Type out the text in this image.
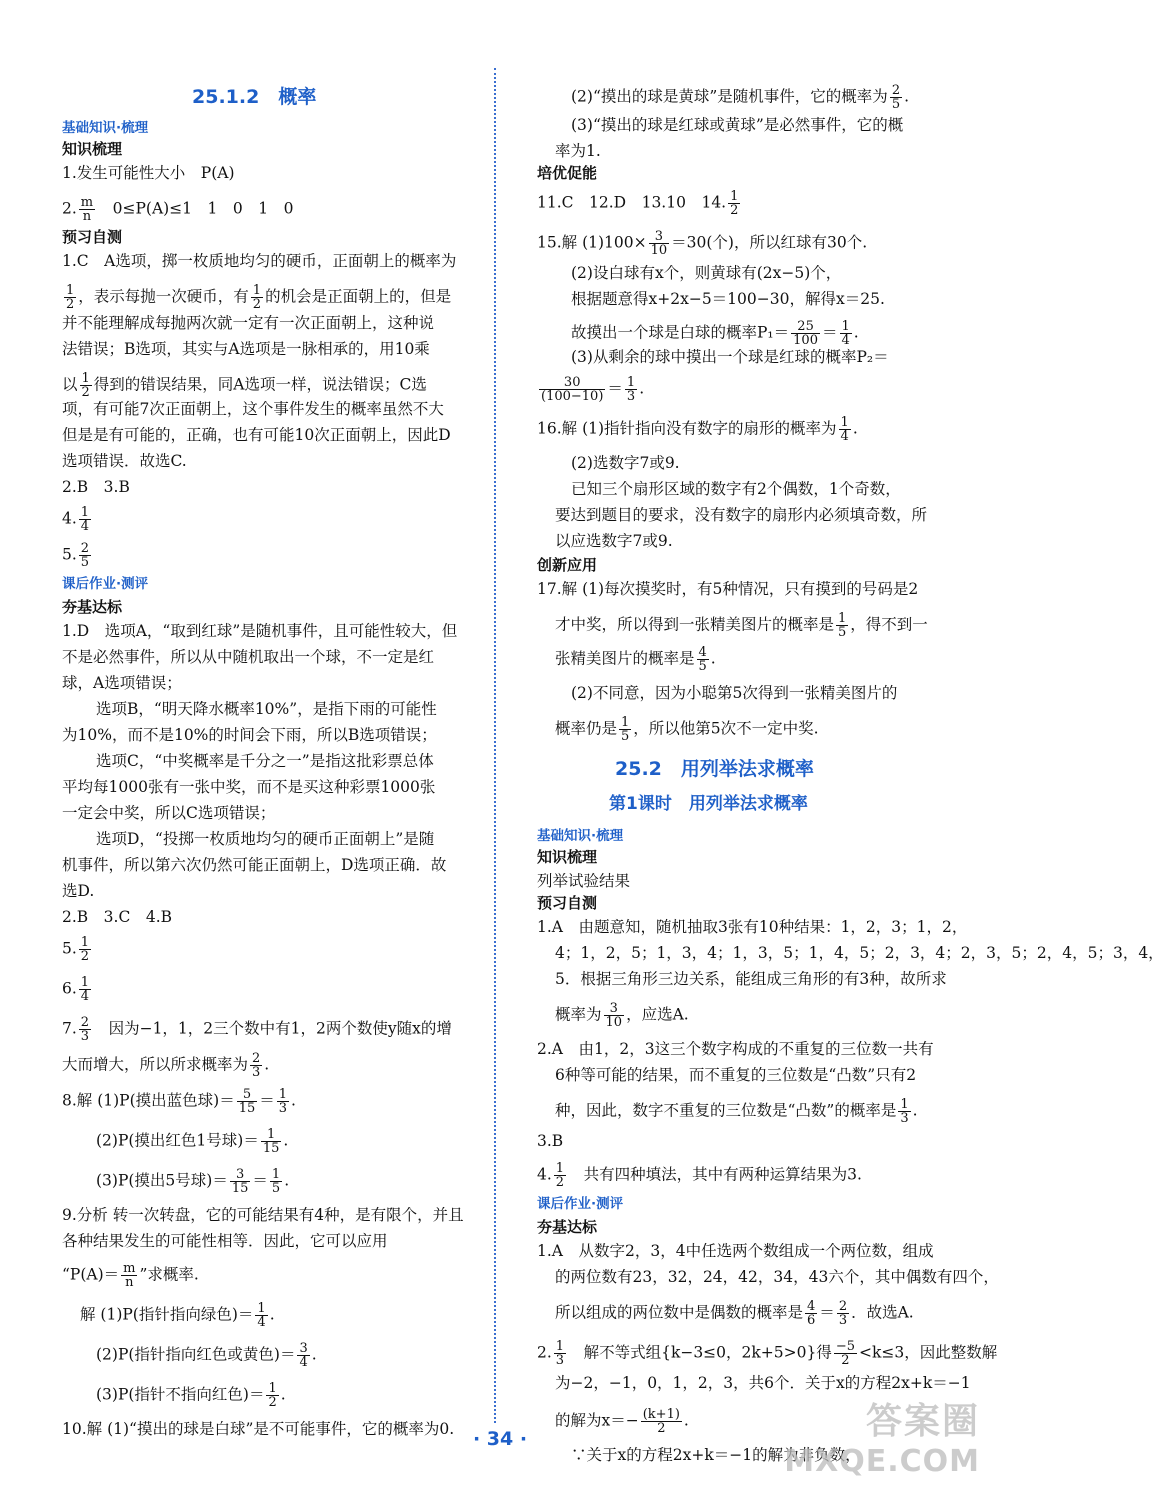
25.1.2　概率
基础知识·梳理
知识梳理
1.发生可能性大小　P(A)
2. $\frac{m}{n}$ 　0≤P(A)≤1　1　0　1　0
预习自测
1.C　A选项，掷一枚质地均匀的硬币，正面朝上的概率为
$\frac{1}{2}$ ，表示每抛一次硬币，有 $\frac{1}{2}$ 的机会是正面朝上的，但是
并不能理解成每抛两次就一定有一次正面朝上，这种说
法错误；B选项，其实与A选项是一脉相承的，用10乘
以 $\frac{1}{2}$ 得到的错误结果，同A选项一样，说法错误；C选
项，有可能7次正面朝上，这个事件发生的概率虽然不大
但是是有可能的，正确，也有可能10次正面朝上，因此D
选项错误．故选C.
2.B　3.B
4. $\frac{1}{4}$
5. $\frac{2}{5}$
课后作业·测评
夯基达标
1.D　选项A，“取到红球”是随机事件，且可能性较大，但
不是必然事件，所以从中随机取出一个球，不一定是红
球，A选项错误；
选项B，“明天降水概率10%”，是指下雨的可能性
为10%，而不是10%的时间会下雨，所以B选项错误；
选项C，“中奖概率是千分之一”是指这批彩票总体
平均每1000张有一张中奖，而不是买这种彩票1000张
一定会中奖，所以C选项错误；
选项D，“投掷一枚质地均匀的硬币正面朝上”是随
机事件，所以第六次仍然可能正面朝上，D选项正确．故
选D.
2.B　3.C　4.B
5. $\frac{1}{2}$
6. $\frac{1}{4}$
7. $\frac{2}{3}$ 　因为−1，1，2三个数中有1，2两个数使y随x的增
大而增大，所以所求概率为 $\frac{2}{3}$ .
8.解 (1)P(摸出蓝色球)＝ $\frac{5}{15} = \frac{1}{3}$ .
(2)P(摸出红色1号球)＝ $\frac{1}{15}$ .
(3)P(摸出5号球)＝ $\frac{3}{15} = \frac{1}{5}$ .
9.分析 转一次转盘，它的可能结果有4种，是有限个，并且
各种结果发生的可能性相等．因此，它可以应用
“$P(A)= \frac{m}{n}$ ”求概率.
解 (1)P(指针指向绿色)＝ $\frac{1}{4}$ .
(2)P(指针指向红色或黄色)＝ $\frac{3}{4}$ .
(3)P(指针不指向红色)＝ $\frac{1}{2}$ .
10.解 (1)“摸出的球是白球”是不可能事件，它的概率为0.
(2)“摸出的球是黄球”是随机事件，它的概率为 $\frac{2}{5}$ .
(3)“摸出的球是红球或黄球”是必然事件，它的概
率为1.
培优促能
11.C　12.D　13.10　14. $\frac{1}{2}$
15.解 $(1)100\times \frac{3}{10} =30$(个)，所以红球有30个.
(2)设白球有x个，则黄球有(2x−5)个，
根据题意得x+2x−5＝100−30，解得x＝25.
故摸出一个球是白球的概率$P_1= \frac{25}{100} = \frac{1}{4}$ .
(3)从剩余的球中摸出一个球是红球的概率P₂＝
$\frac{30}{(100-10)} = \frac{1}{3}$ .
16.解 (1)指针指向没有数字的扇形的概率为 $\frac{1}{4}$ .
(2)选数字7或9.
已知三个扇形区域的数字有2个偶数，1个奇数，
要达到题目的要求，没有数字的扇形内必须填奇数，所
以应选数字7或9.
创新应用
17.解 (1)每次摸奖时，有5种情况，只有摸到的号码是2
才中奖，所以得到一张精美图片的概率是 $\frac{1}{5}$ ，得不到一
张精美图片的概率是 $\frac{4}{5}$ .
(2)不同意，因为小聪第5次得到一张精美图片的
概率仍是 $\frac{1}{5}$ ，所以他第5次不一定中奖.
25.2　用列举法求概率
第1课时　用列举法求概率
基础知识·梳理
知识梳理
列举试验结果
预习自测
1.A　由题意知，随机抽取3张有10种结果：1，2，3；1，2，
4；1，2，5；1，3，4；1，3，5；1，4，5；2，3，4；2，3，5；2，4，5；3，4，
5．根据三角形三边关系，能组成三角形的有3种，故所求
概率为 $\frac{3}{10}$ ，应选A.
2.A　由1，2，3这三个数字构成的不重复的三位数一共有
6种等可能的结果，而不重复的三位数是“凸数”只有2
种，因此，数字不重复的三位数是“凸数”的概率是 $\frac{1}{3}$ .
3.B
4. $\frac{1}{2}$ 　共有四种填法，其中有两种运算结果为3.
课后作业·测评
夯基达标
1.A　从数字2，3，4中任选两个数组成一个两位数，组成
的两位数有23，32，24，42，34，43六个，其中偶数有四个，
所以组成的两位数中是偶数的概率是 $\frac{4}{6} = \frac{2}{3}$ ．故选A.
2. $\frac{1}{3}$ 　解不等式组{k−3≤0，2k+5>0}得 $\frac{-5}{2} <k\le 3$，因此整数解
为−2，−1，0，1，2，3，共6个．关于x的方程2x+k＝−1
的解为$x=- \frac{(k+1)}{2}$ .
∵关于x的方程2x+k＝−1的解为非负数，
· 34 ·	答案圈
MXQE.COM
